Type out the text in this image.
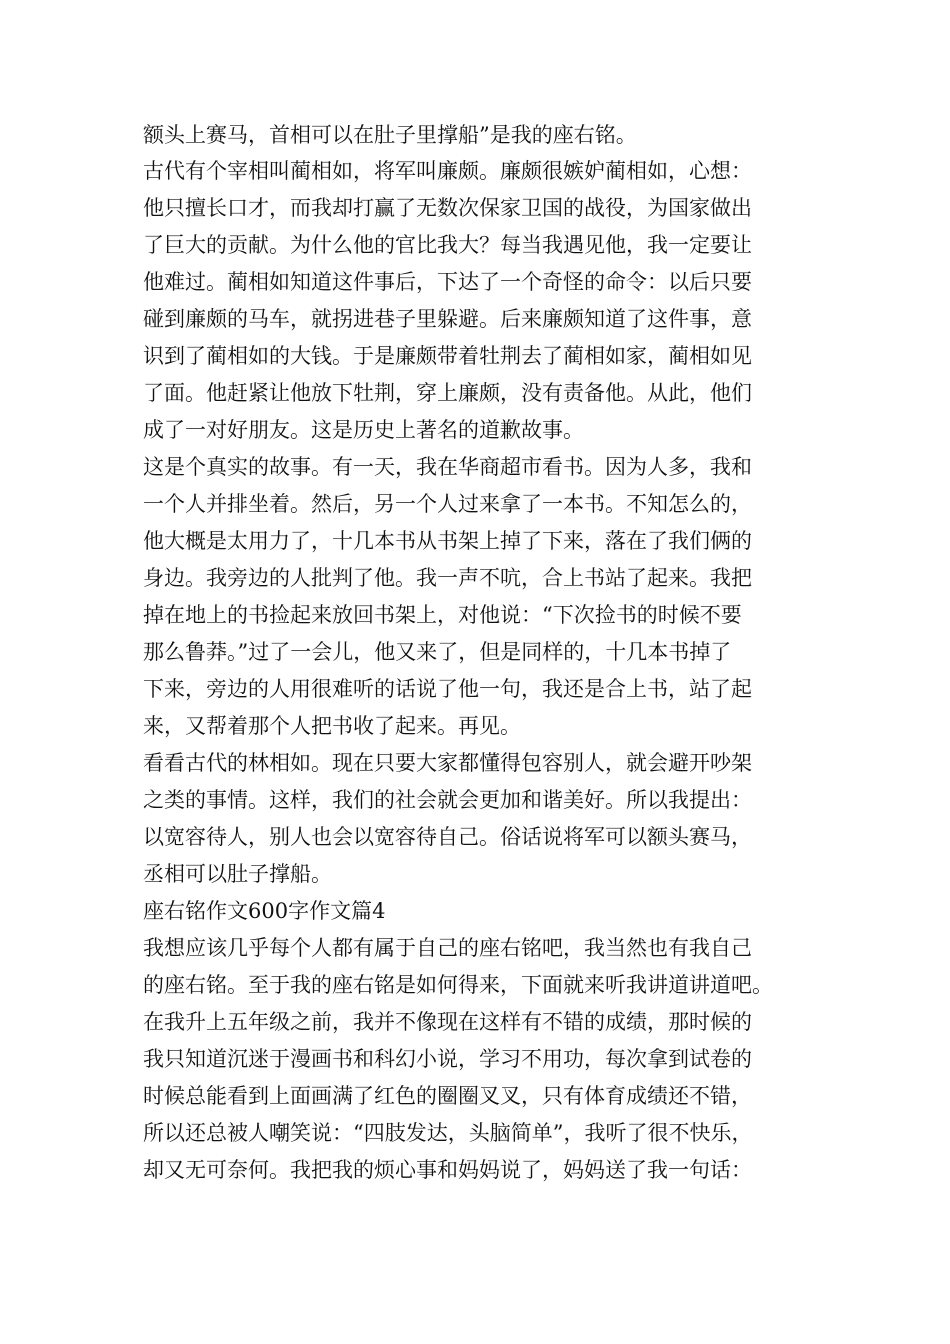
额头上赛马，首相可以在肚子里撑船”是我的座右铭。

古代有个宰相叫蔺相如，将军叫廉颇。廉颇很嫉妒蔺相如，心想：

他只擅长口才，而我却打赢了无数次保家卫国的战役，为国家做出

了巨大的贡献。为什么他的官比我大？每当我遇见他，我一定要让

他难过。蔺相如知道这件事后，下达了一个奇怪的命令：以后只要

碰到廉颇的马车，就拐进巷子里躲避。后来廉颇知道了这件事，意

识到了蔺相如的大钱。于是廉颇带着牡荆去了蔺相如家，蔺相如见

了面。他赶紧让他放下牡荆，穿上廉颇，没有责备他。从此，他们

成了一对好朋友。这是历史上著名的道歉故事。

这是个真实的故事。有一天，我在华商超市看书。因为人多，我和

一个人并排坐着。然后，另一个人过来拿了一本书。不知怎么的，

他大概是太用力了，十几本书从书架上掉了下来，落在了我们俩的

身边。我旁边的人批判了他。我一声不吭，合上书站了起来。我把

掉在地上的书捡起来放回书架上，对他说：“下次捡书的时候不要

那么鲁莽。”过了一会儿，他又来了，但是同样的，十几本书掉了

下来，旁边的人用很难听的话说了他一句，我还是合上书，站了起

来，又帮着那个人把书收了起来。再见。

看看古代的林相如。现在只要大家都懂得包容别人，就会避开吵架

之类的事情。这样，我们的社会就会更加和谐美好。所以我提出：

以宽容待人，别人也会以宽容待自己。俗话说将军可以额头赛马，

丞相可以肚子撑船。

座右铭作文600字作文篇4

我想应该几乎每个人都有属于自己的座右铭吧，我当然也有我自己

的座右铭。至于我的座右铭是如何得来，下面就来听我讲道讲道吧。

在我升上五年级之前，我并不像现在这样有不错的成绩，那时候的

我只知道沉迷于漫画书和科幻小说，学习不用功，每次拿到试卷的

时候总能看到上面画满了红色的圈圈叉叉，只有体育成绩还不错，

所以还总被人嘲笑说：“四肢发达，头脑简单”，我听了很不快乐，

却又无可奈何。我把我的烦心事和妈妈说了，妈妈送了我一句话：
